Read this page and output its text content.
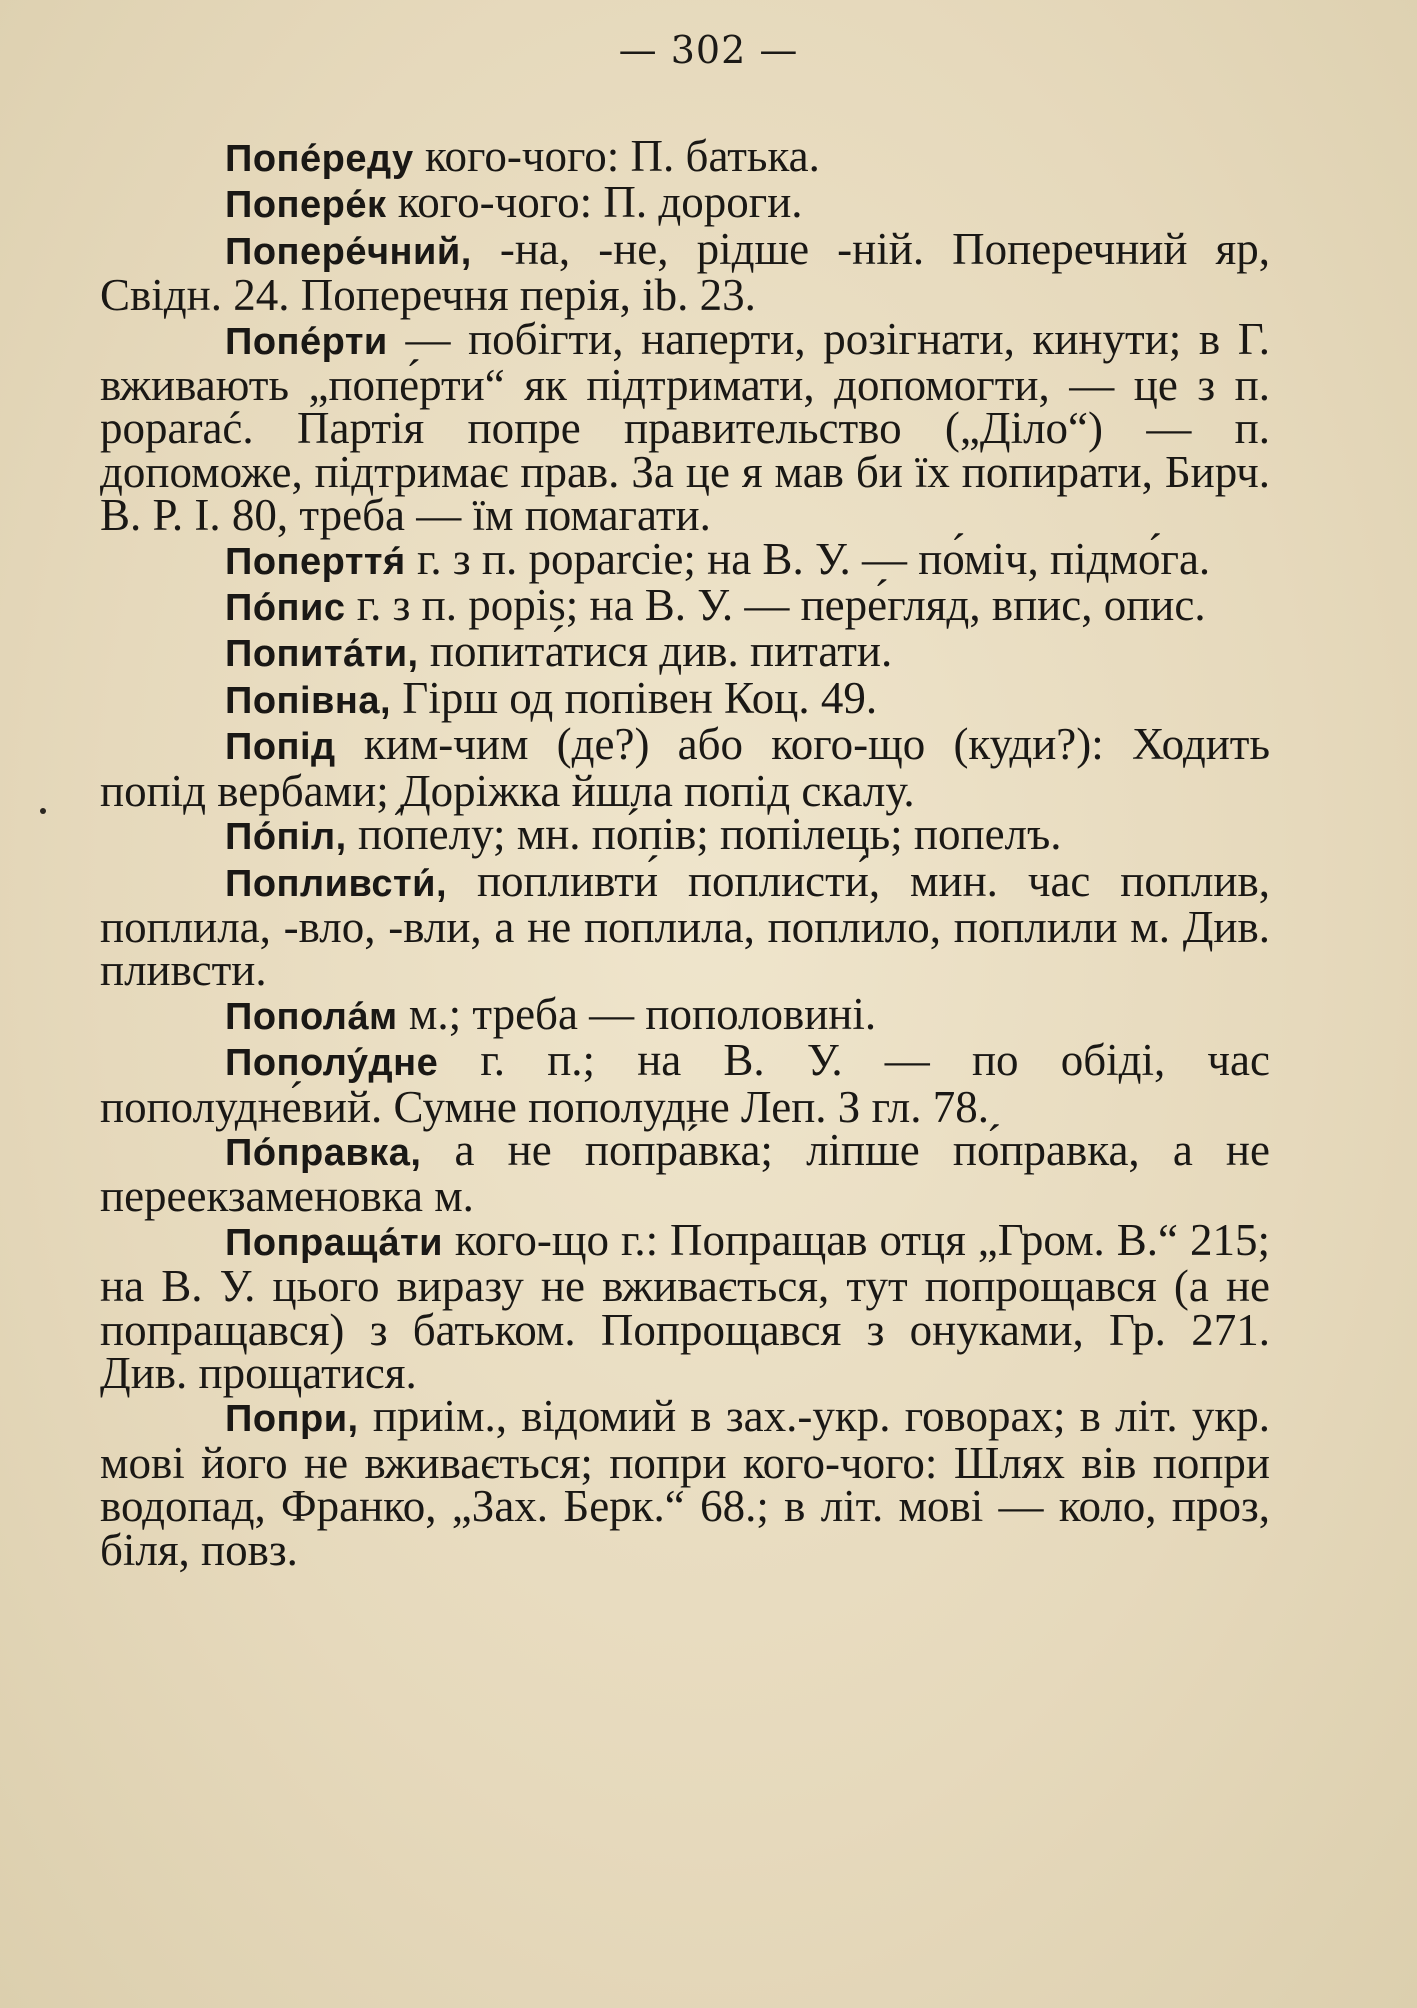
— 302 —

Попе́реду кого-чого: П. батька.

Попере́к кого-чого: П. дороги.

Попере́чний, -на, -не, рідше -ній. Поперечний яр, Свідн. 24. Поперечня перія, ib. 23.

Попе́рти — побігти, наперти, розігнати, кинути; в Г. вживають „попе́рти“ як підтримати, допомогти, — це з п. poparać. Партія попре правительство („Діло“) — п. допоможе, підтримає прав. За це я мав би їх попирати, Бирч. В. Р. І. 80, треба — їм помагати.

Поперття́ г. з п. poparcie; на В. У. — по́міч, підмо́га.

По́пис г. з п. popis; на В. У. — пере́гляд, впис, опис.

Попита́ти, попита́тися див. питати.

Попівна, Гірш од попівен Коц. 49.

Попід ким-чим (де?) або кого-що (куди?): Ходить попід вербами; Доріжка йшла попід скалу.

По́піл, по́пелу; мн. по́пів; попілець; попелъ.

Попливсти́, попливти́ поплисти́, мин. час поплив, поплила, -вло, -вли, а не поплила, поплило, поплили м. Див. пливсти.

Попола́м м.; треба — пополовині.

Пополу́дне г. п.; на В. У. — по обіді, час пополудне́вий. Сумне пополудне Леп. З гл. 78.

По́правка, а не попра́вка; ліпше по́правка, а не переекзаменовка м.

Попраща́ти кого-що г.: Попращав отця „Гром. В.“ 215; на В. У. цього виразу не вживається, тут попрощався (а не попращався) з батьком. Попрощався з онуками, Гр. 271. Див. прощатися.

Попри, приім., відомий в зах.-укр. говорах; в літ. укр. мові його не вживається; попри кого-чого: Шлях вів попри водопад, Франко, „Зах. Берк.“ 68.; в літ. мові — коло, проз, біля, повз.
